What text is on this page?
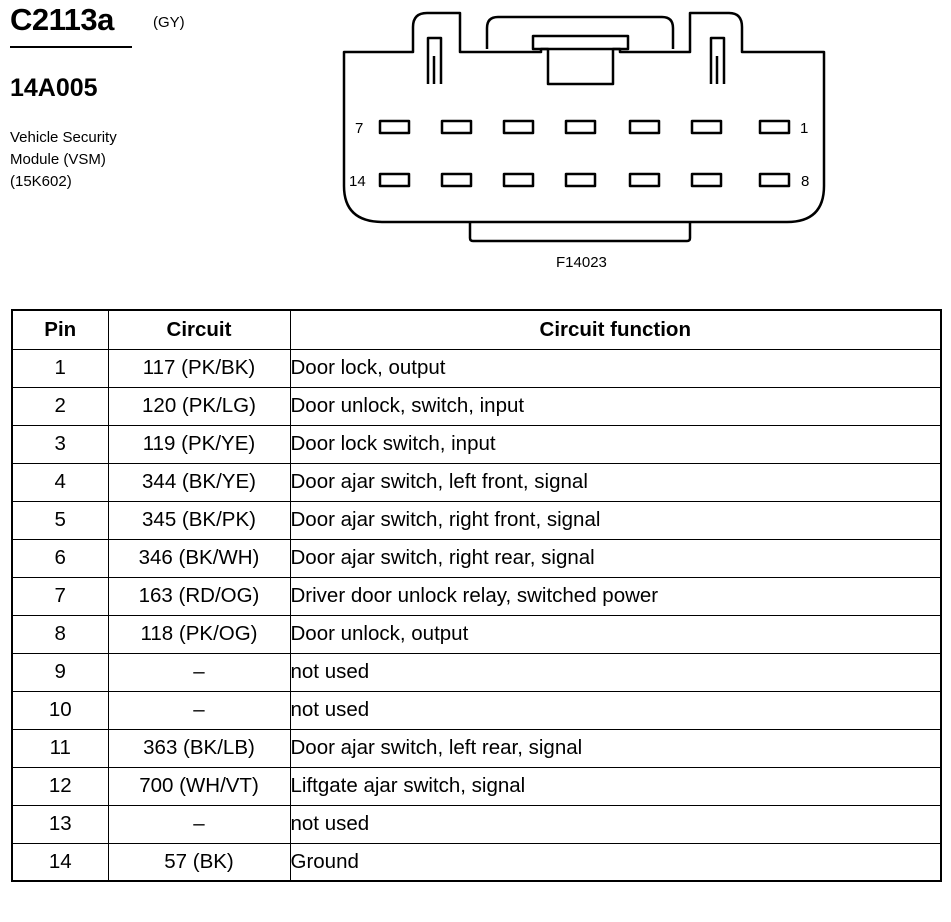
C2113a	(GY)
14A005
Vehicle Security
Module (VSM)
(15K602)
7	1
14	8
F14023
Pin	Circuit	Circuit function
1	117 (PK/BK)	Door lock, output
2	120 (PK/LG)	Door unlock, switch, input
3	119 (PK/YE)	Door lock switch, input
4	344 (BK/YE)	Door ajar switch, left front, signal
5	345 (BK/PK)	Door ajar switch, right front, signal
6	346 (BK/WH)	Door ajar switch, right rear, signal
7	163 (RD/OG)	Driver door unlock relay, switched power
8	118 (PK/OG)	Door unlock, output
9	–	not used
10	–	not used
11	363 (BK/LB)	Door ajar switch, left rear, signal
12	700 (WH/VT)	Liftgate ajar switch, signal
13	–	not used
14	57 (BK)	Ground
